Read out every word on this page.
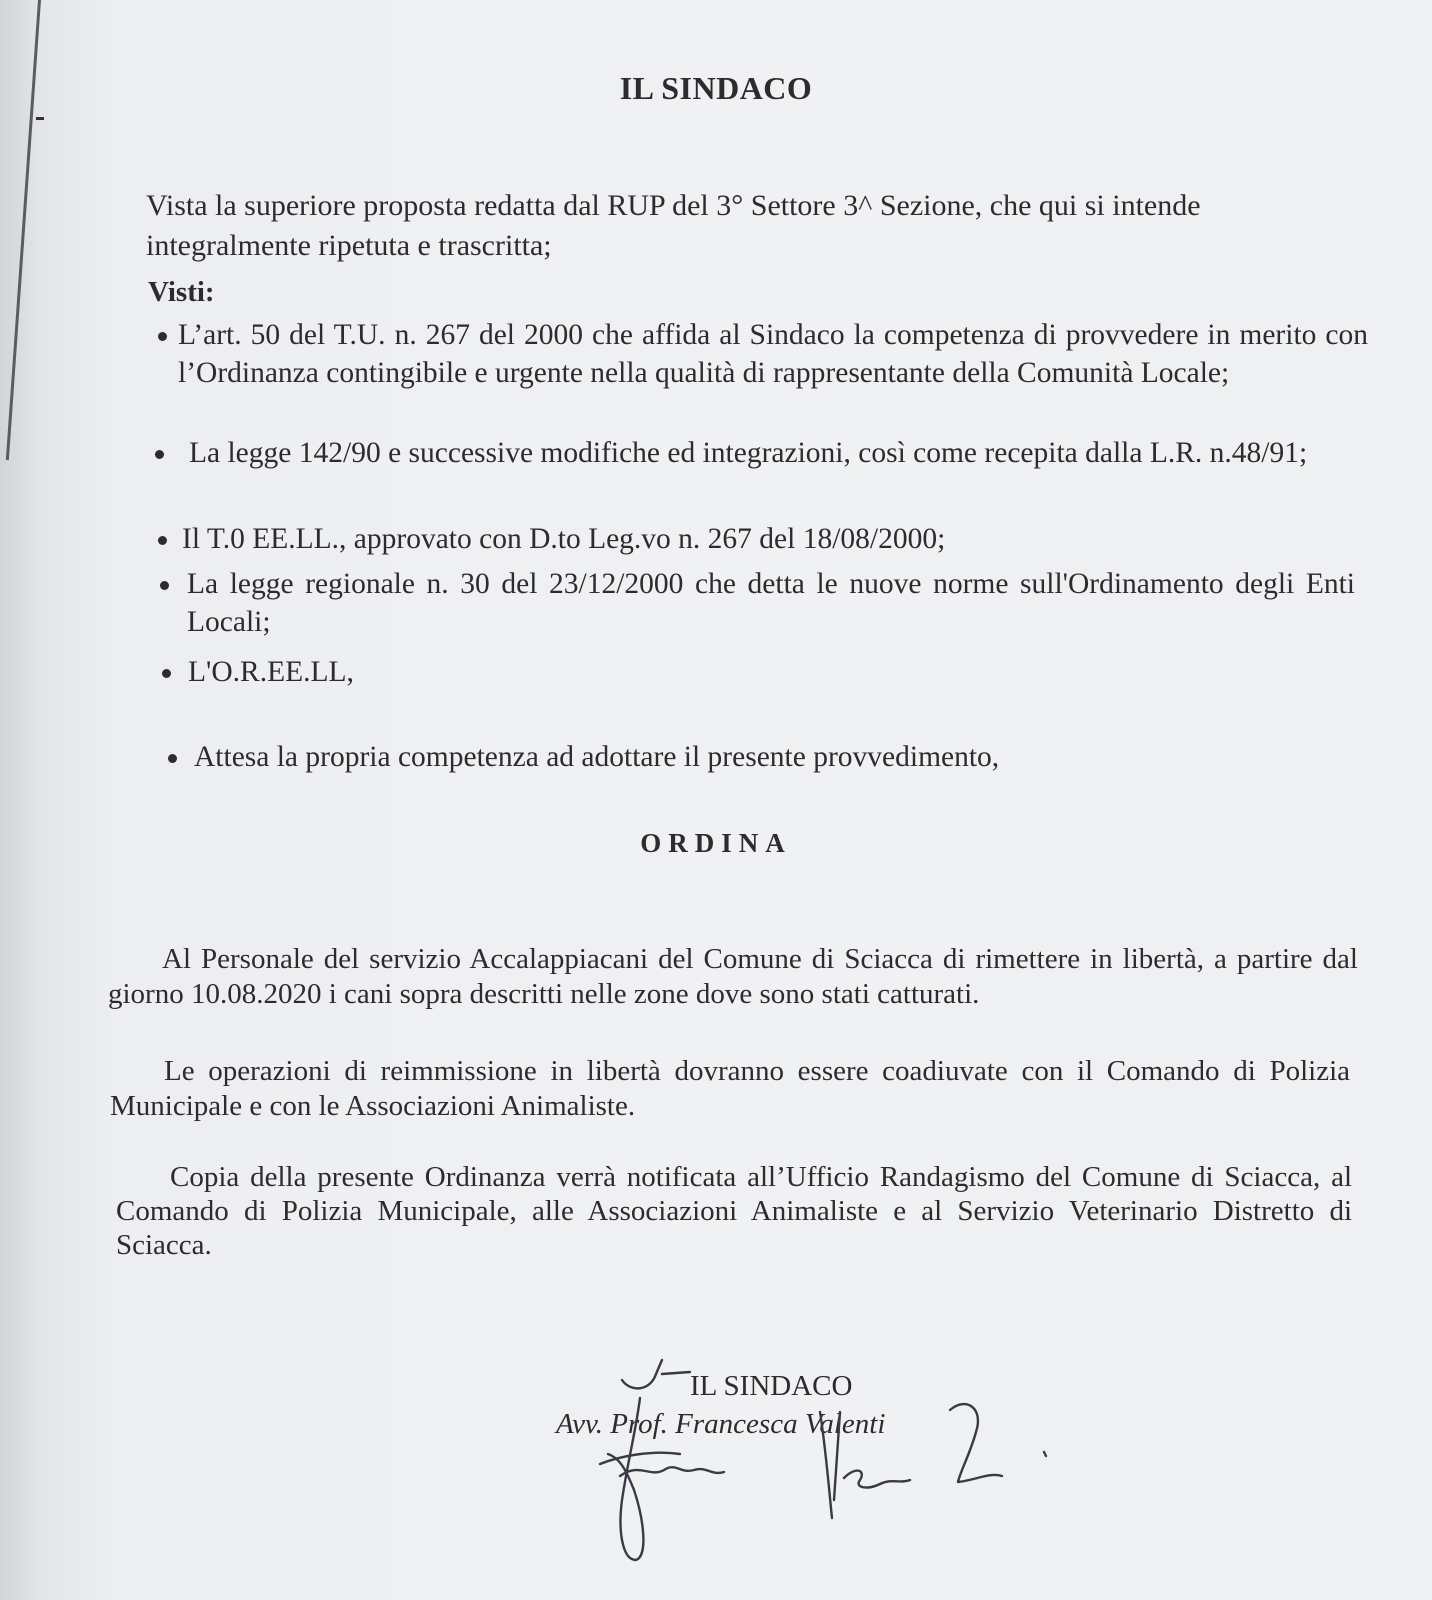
IL SINDACO
Vista la superiore proposta redatta dal RUP del 3° Settore 3^ Sezione, che qui si intende integralmente ripetuta e trascritta;
Visti:
L’art. 50 del T.U. n. 267 del 2000 che affida al Sindaco la competenza di provvedere in merito con l’Ordinanza contingibile e urgente nella qualità di rappresentante della Comunità Locale;
La legge 142/90 e successive modifiche ed integrazioni, così come recepita dalla L.R. n.48/91;
Il T.0 EE.LL., approvato con D.to Leg.vo n. 267 del 18/08/2000;
La legge regionale n. 30 del 23/12/2000 che detta le nuove norme sull'Ordinamento degli Enti Locali;
L'O.R.EE.LL,
Attesa la propria competenza ad adottare il presente provvedimento,
ORDINA
Al Personale del servizio Accalappiacani del Comune di Sciacca di rimettere in libertà, a partire dal giorno 10.08.2020 i cani sopra descritti nelle zone dove sono stati catturati.
Le operazioni di reimmissione in libertà dovranno essere coadiuvate con il Comando di Polizia Municipale e con le Associazioni Animaliste.
Copia della presente Ordinanza verrà notificata all’Ufficio Randagismo del Comune di Sciacca, al Comando di Polizia Municipale, alle Associazioni Animaliste e al Servizio Veterinario Distretto di Sciacca.
IL SINDACO
Avv. Prof. Francesca Valenti
